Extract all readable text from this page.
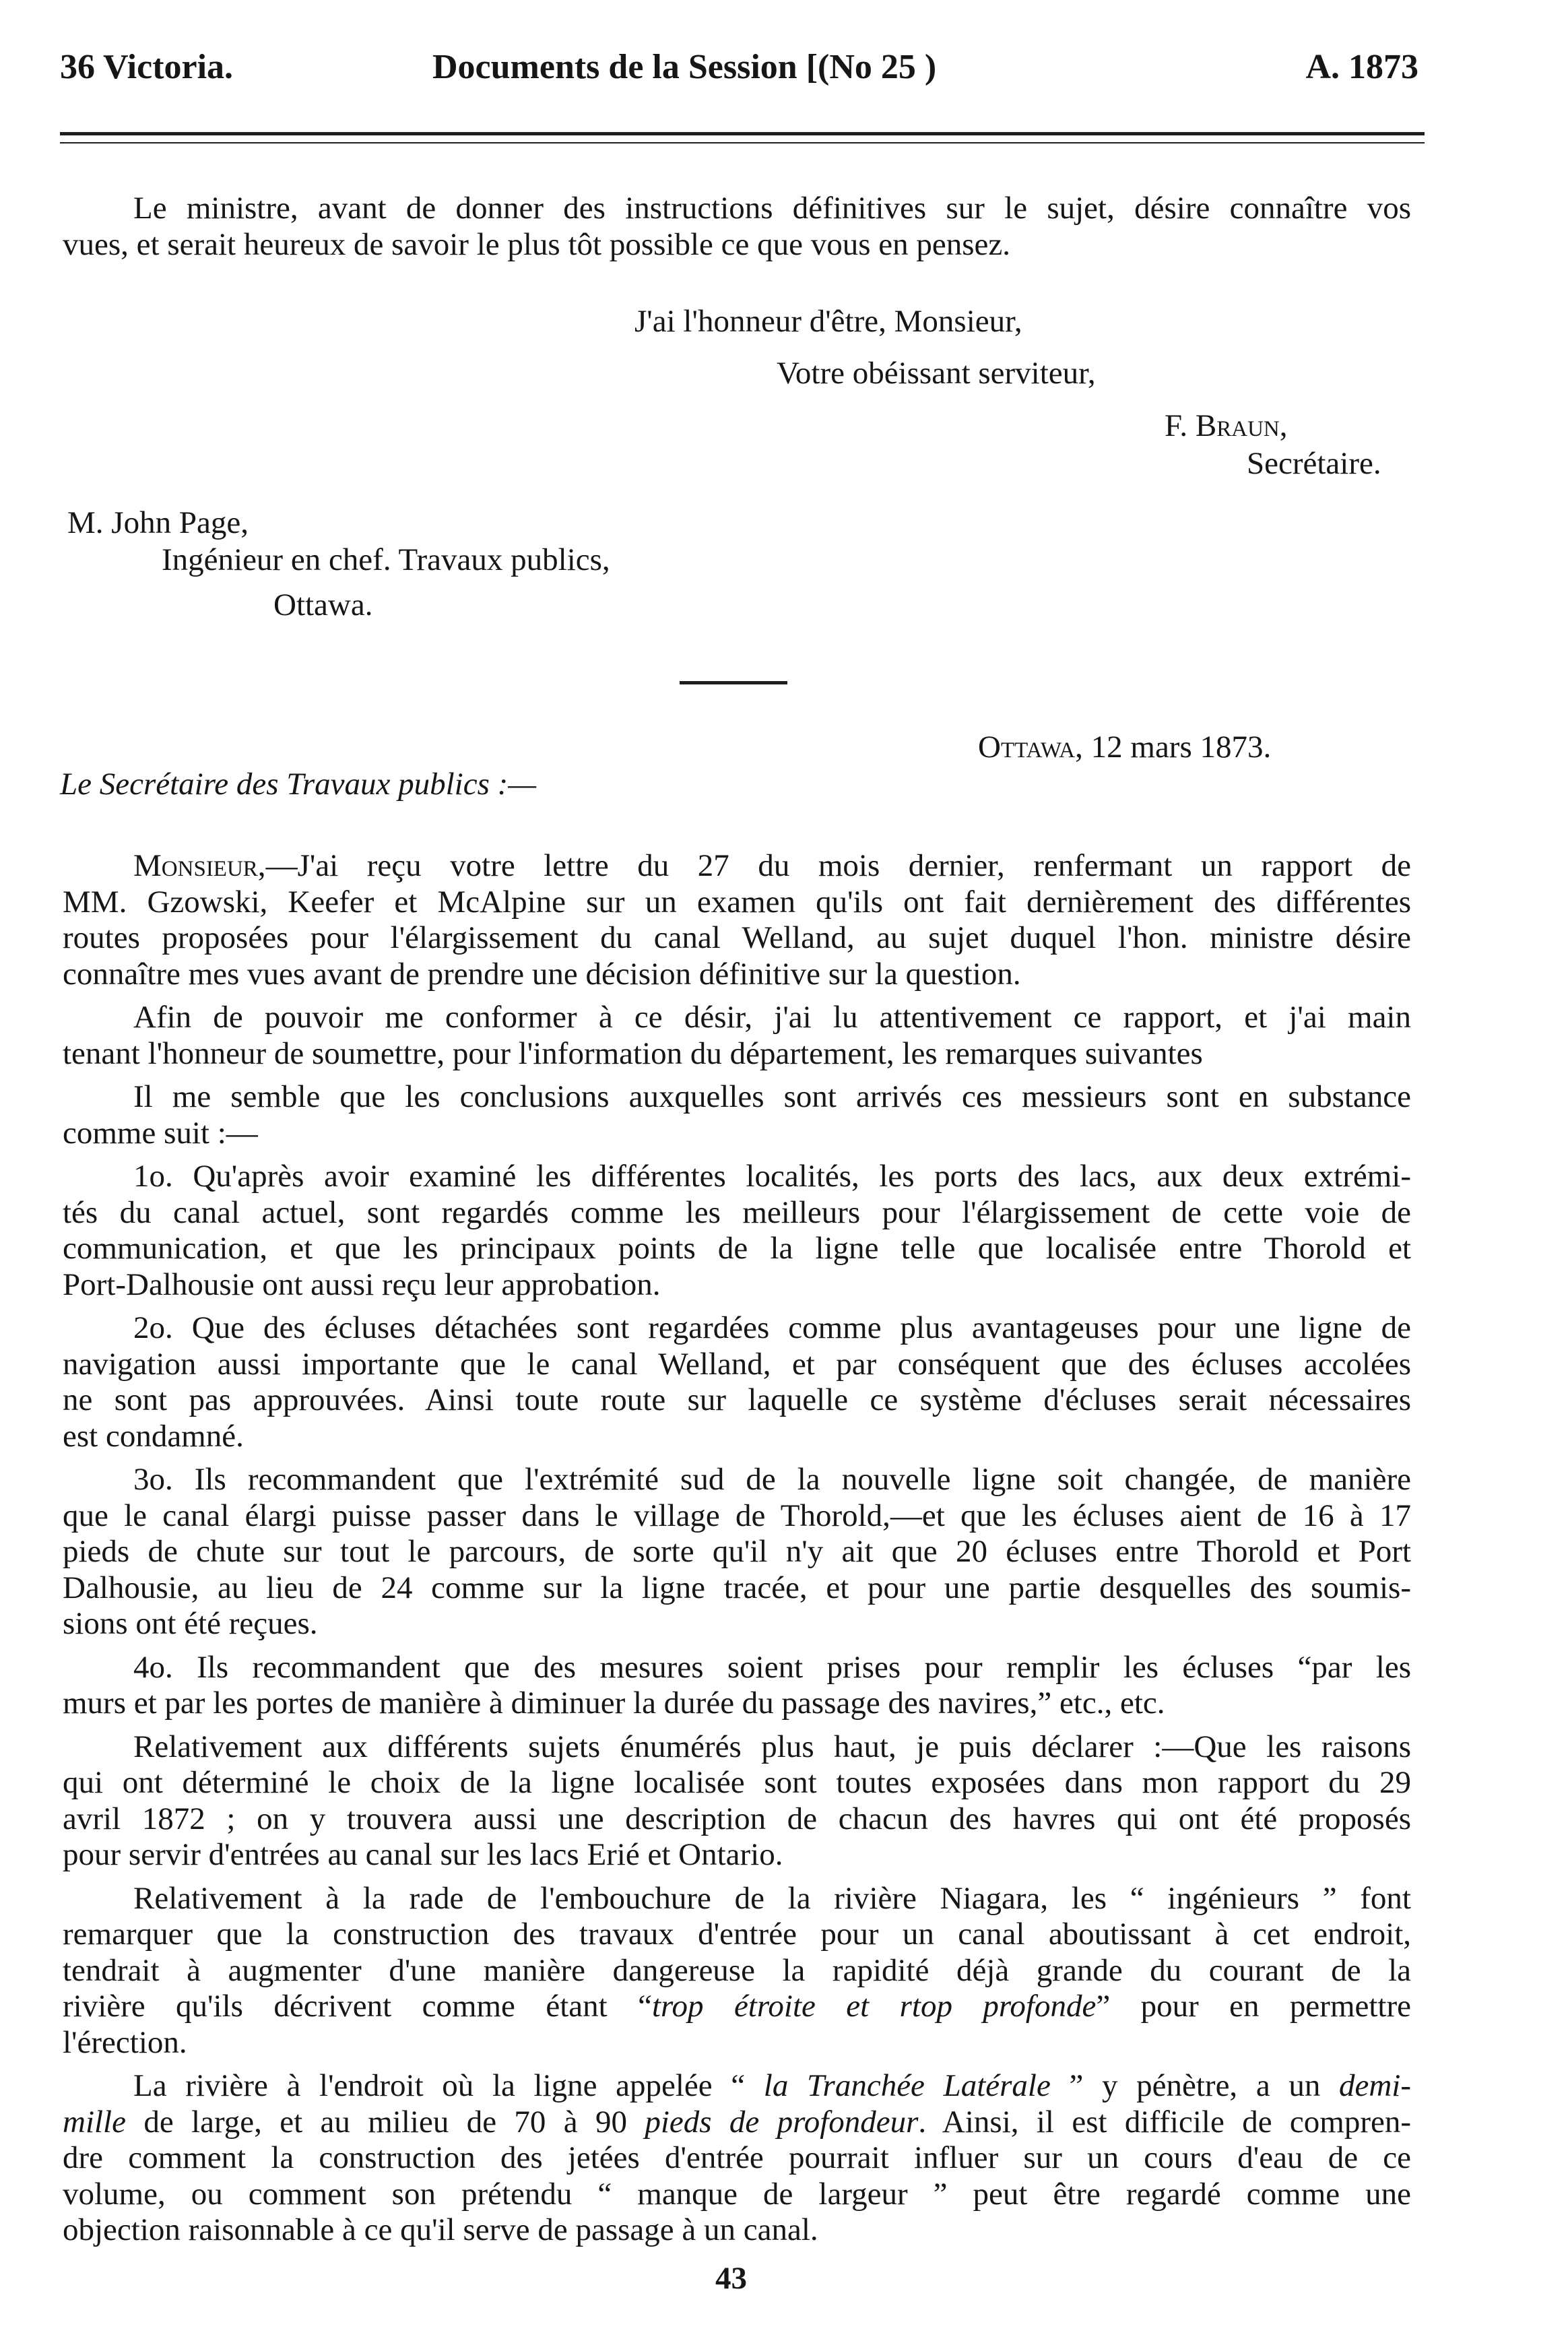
36 Victoria.	Documents de la Session [(No 25 )	A. 1873
Le ministre, avant de donner des instructions définitives sur le sujet, désire connaître vos
vues, et serait heureux de savoir le plus tôt possible ce que vous en pensez.
J'ai l'honneur d'être, Monsieur,
Votre obéissant serviteur,
F. braun,
Secrétaire.
M. John Page,
Ingénieur en chef. Travaux publics,
Ottawa.
Ottawa, 12 mars 1873.
Le Secrétaire des Travaux publics :—
Monsieur,—J'ai reçu votre lettre du 27 du mois dernier, renfermant un rapport de
MM. Gzowski, Keefer et McAlpine sur un examen qu'ils ont fait dernièrement des différentes
routes proposées pour l'élargissement du canal Welland, au sujet duquel l'hon. ministre désire
connaître mes vues avant de prendre une décision définitive sur la question.
Afin de pouvoir me conformer à ce désir, j'ai lu attentivement ce rapport, et j'ai main
tenant l'honneur de soumettre, pour l'information du département, les remarques suivantes
Il me semble que les conclusions auxquelles sont arrivés ces messieurs sont en substance
comme suit :—
1o. Qu'après avoir examiné les différentes localités, les ports des lacs, aux deux extrémi-
tés du canal actuel, sont regardés comme les meilleurs pour l'élargissement de cette voie de
communication, et que les principaux points de la ligne telle que localisée entre Thorold et
Port-Dalhousie ont aussi reçu leur approbation.
2o. Que des écluses détachées sont regardées comme plus avantageuses pour une ligne de
navigation aussi importante que le canal Welland, et par conséquent que des écluses accolées
ne sont pas approuvées. Ainsi toute route sur laquelle ce système d'écluses serait nécessaires
est condamné.
3o. Ils recommandent que l'extrémité sud de la nouvelle ligne soit changée, de manière
que le canal élargi puisse passer dans le village de Thorold,—et que les écluses aient de 16 à 17
pieds de chute sur tout le parcours, de sorte qu'il n'y ait que 20 écluses entre Thorold et Port
Dalhousie, au lieu de 24 comme sur la ligne tracée, et pour une partie desquelles des soumis-
sions ont été reçues.
4o. Ils recommandent que des mesures soient prises pour remplir les écluses “par les
murs et par les portes de manière à diminuer la durée du passage des navires,” etc., etc.
Relativement aux différents sujets énumérés plus haut, je puis déclarer :—Que les raisons
qui ont déterminé le choix de la ligne localisée sont toutes exposées dans mon rapport du 29
avril 1872 ; on y trouvera aussi une description de chacun des havres qui ont été proposés
pour servir d'entrées au canal sur les lacs Erié et Ontario.
Relativement à la rade de l'embouchure de la rivière Niagara, les “ ingénieurs ” font
remarquer que la construction des travaux d'entrée pour un canal aboutissant à cet endroit,
tendrait à augmenter d'une manière dangereuse la rapidité déjà grande du courant de la
rivière qu'ils décrivent comme étant “trop étroite et rtop profonde” pour en permettre
l'érection.
La rivière à l'endroit où la ligne appelée “ la Tranchée Latérale ” y pénètre, a un demi-
mille de large, et au milieu de 70 à 90 pieds de profondeur. Ainsi, il est difficile de compren-
dre comment la construction des jetées d'entrée pourrait influer sur un cours d'eau de ce
volume, ou comment son prétendu “ manque de largeur ” peut être regardé comme une
objection raisonnable à ce qu'il serve de passage à un canal.
43
